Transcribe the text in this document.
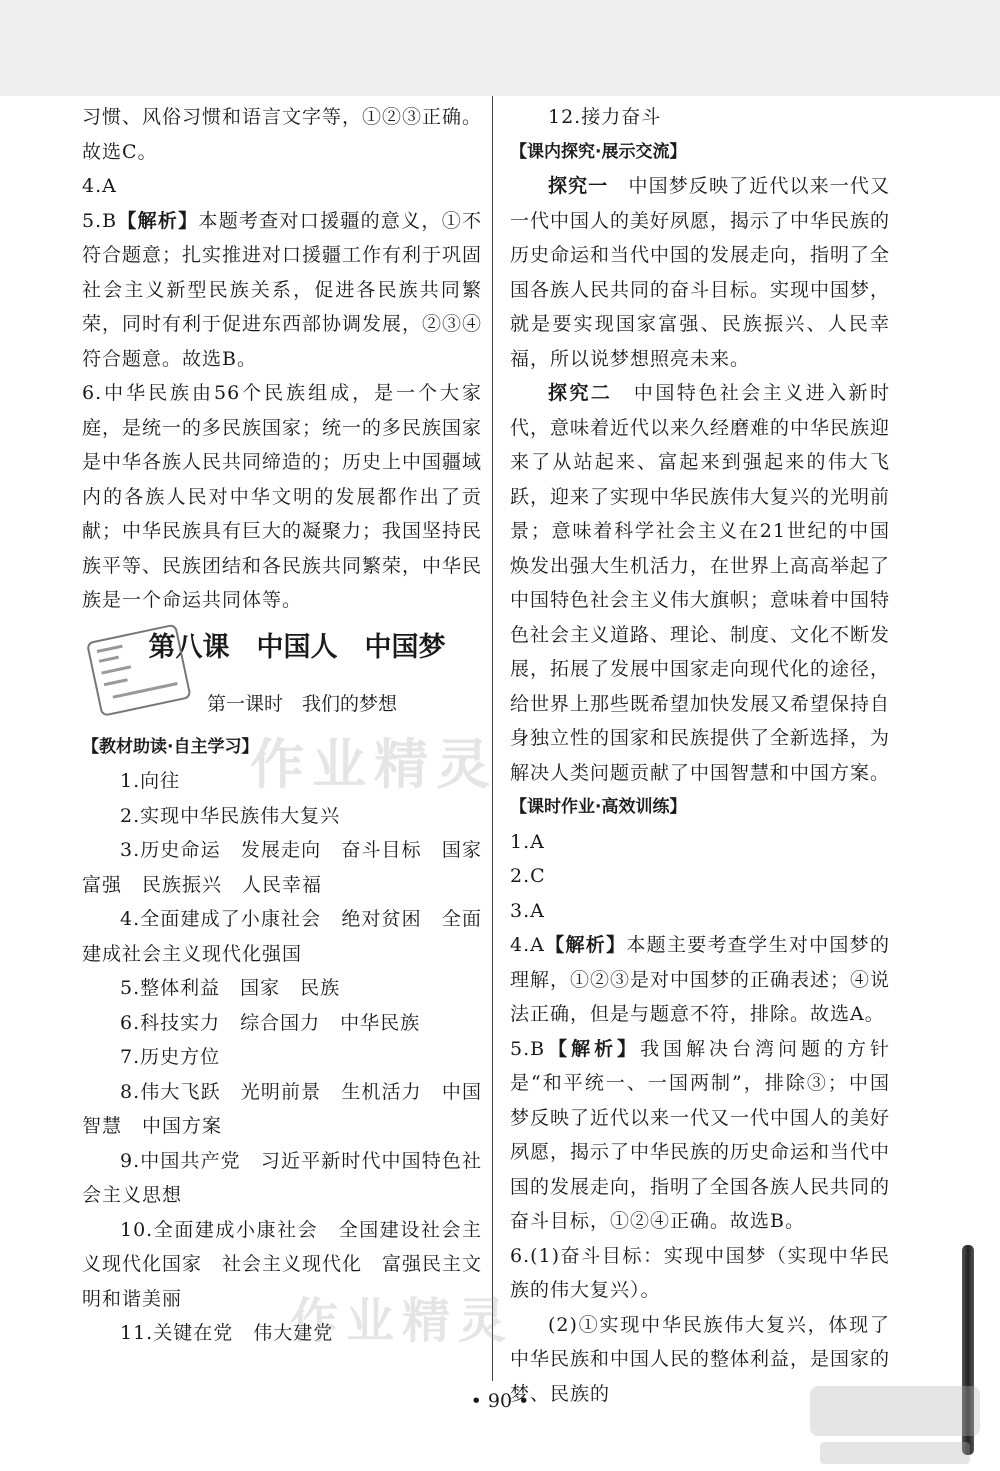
习惯、风俗习惯和语言文字等，①②③正确。故选C。

4.A

5.B【解析】本题考查对口援疆的意义，①不符合题意；扎实推进对口援疆工作有利于巩固社会主义新型民族关系，促进各民族共同繁荣，同时有利于促进东西部协调发展，②③④符合题意。故选B。

6.中华民族由56个民族组成，是一个大家庭，是统一的多民族国家；统一的多民族国家是中华各族人民共同缔造的；历史上中国疆域内的各族人民对中华文明的发展都作出了贡献；中华民族具有巨大的凝聚力；我国坚持民族平等、民族团结和各民族共同繁荣，中华民族是一个命运共同体等。

第八课　中国人　中国梦
第一课时　我们的梦想

【教材助读·自主学习】

1.向往

2.实现中华民族伟大复兴

3.历史命运　发展走向　奋斗目标　国家富强　民族振兴　人民幸福

4.全面建成了小康社会　绝对贫困　全面建成社会主义现代化强国

5.整体利益　国家　民族

6.科技实力　综合国力　中华民族

7.历史方位

8.伟大飞跃　光明前景　生机活力　中国智慧　中国方案

9.中国共产党　习近平新时代中国特色社会主义思想

10.全面建成小康社会　全国建设社会主义现代化国家　社会主义现代化　富强民主文明和谐美丽

11.关键在党　伟大建党

12.接力奋斗

【课内探究·展示交流】

探究一　 中国梦反映了近代以来一代又一代中国人的美好夙愿，揭示了中华民族的历史命运和当代中国的发展走向，指明了全国各族人民共同的奋斗目标。实现中国梦，就是要实现国家富强、民族振兴、人民幸福，所以说梦想照亮未来。

探究二　 中国特色社会主义进入新时代，意味着近代以来久经磨难的中华民族迎来了从站起来、富起来到强起来的伟大飞跃，迎来了实现中华民族伟大复兴的光明前景；意味着科学社会主义在21世纪的中国焕发出强大生机活力，在世界上高高举起了中国特色社会主义伟大旗帜；意味着中国特色社会主义道路、理论、制度、文化不断发展，拓展了发展中国家走向现代化的途径，给世界上那些既希望加快发展又希望保持自身独立性的国家和民族提供了全新选择，为解决人类问题贡献了中国智慧和中国方案。

【课时作业·高效训练】

1.A

2.C

3.A

4.A【解析】本题主要考查学生对中国梦的理解，①②③是对中国梦的正确表述；④说法正确，但是与题意不符，排除。故选A。

5.B【解析】我国解决台湾问题的方针是“和平统一、一国两制”，排除③；中国梦反映了近代以来一代又一代中国人的美好夙愿，揭示了中华民族的历史命运和当代中国的发展走向，指明了全国各族人民共同的奋斗目标，①②④正确。故选B。

6.(1)奋斗目标：实现中国梦（实现中华民族的伟大复兴）。

(2)①实现中华民族伟大复兴，体现了中华民族和中国人民的整体利益，是国家的梦、民族的

作业精灵
作业精灵
• 90 •
